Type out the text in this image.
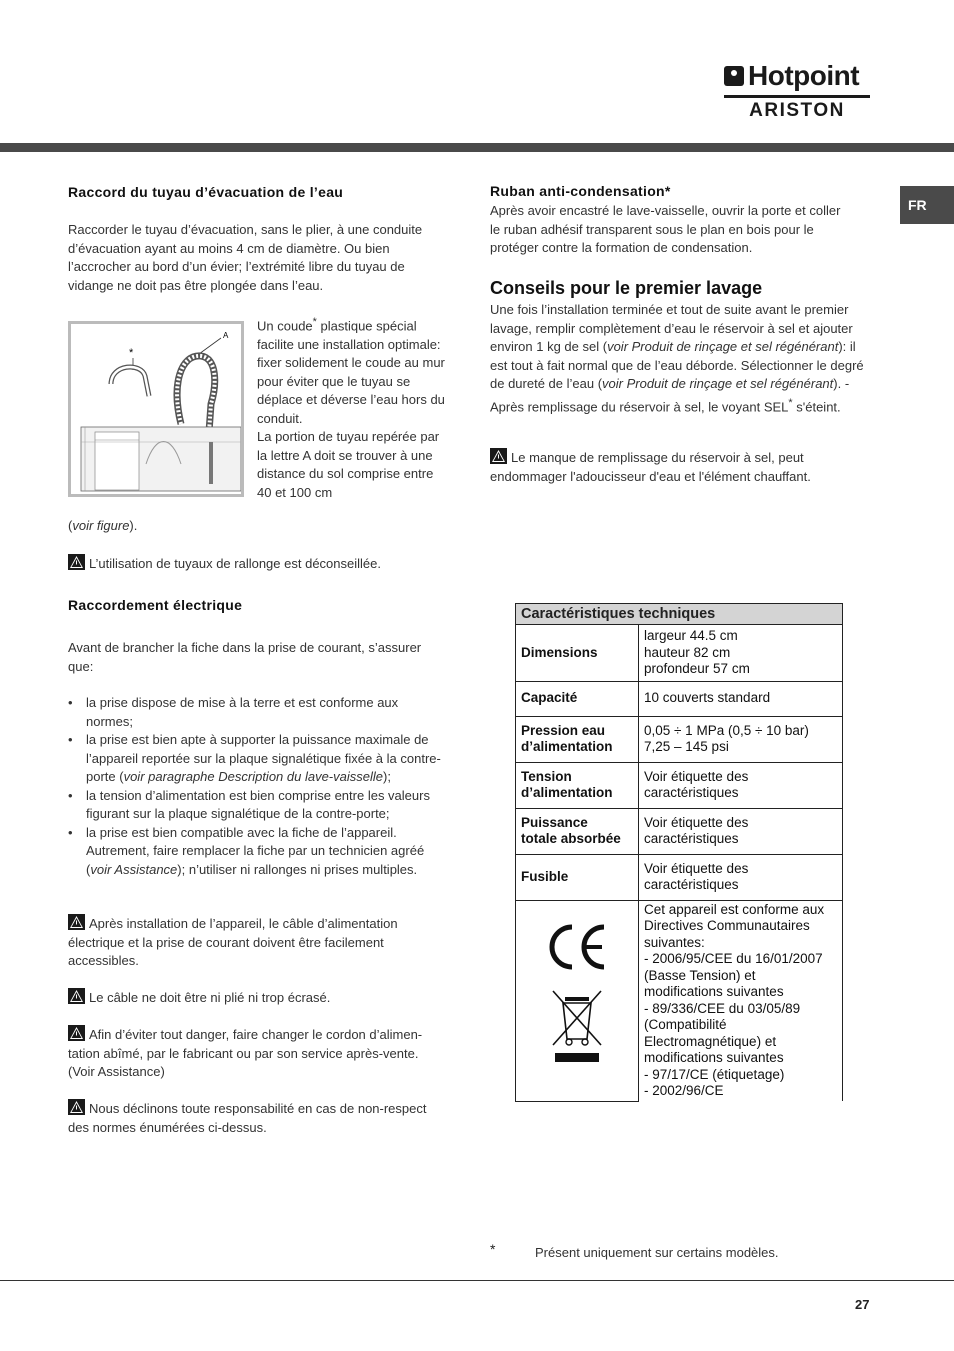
Hotpoint
ARISTON
FR
Raccord du tuyau d’évacuation de l’eau
Raccorder le tuyau d’évacuation, sans le plier, à une conduite d’évacuation ayant au moins 4 cm de diamètre. Ou bien l’accrocher au bord d’un évier; l’extrémité libre du tuyau de vidange ne doit pas être plongée dans l’eau.
A
*
Un coude* plastique spécial facilite une installation optimale: fixer solidement le coude au mur pour éviter que le tuyau se déplace et déverse l’eau hors du conduit.
La portion de tuyau repérée par la lettre A doit se trouver à une distance du sol comprise entre 40 et 100 cm
(voir figure).
L’utilisation de tuyaux de rallonge est déconseillée.
Raccordement électrique
Avant de brancher la fiche dans la prise de courant, s’assurer que:
• la prise dispose de mise à la terre et est conforme aux normes;
• la prise est bien apte à supporter la puissance maximale de l’appareil reportée sur la plaque signalétique fixée à la contre-porte (voir paragraphe Description du lave-vaisselle);
• la tension d’alimentation est bien comprise entre les valeurs figurant sur la plaque signalétique de la contre-porte;
• la prise est bien compatible avec la fiche de l’appareil. Autrement, faire remplacer la fiche par un technicien agréé (voir Assistance); n’utiliser ni rallonges ni prises multiples.
Après installation de l’appareil, le câble d’alimentation électrique et la prise de courant doivent être facilement accessibles.
Le câble ne doit être ni plié ni trop écrasé.
Afin d’éviter tout danger, faire changer le cordon d’alimen-tation abîmé, par le fabricant ou par son service après-vente. (Voir Assistance)
Nous déclinons toute responsabilité en cas de non-respect des normes énumérées ci-dessus.
Ruban anti-condensation*
Après avoir encastré le lave-vaisselle, ouvrir la porte et coller le ruban adhésif transparent sous le plan en bois pour le protéger contre la formation de condensation.
Conseils pour le premier lavage
Une fois l’installation terminée et tout de suite avant le premier lavage, remplir complètement d’eau le réservoir à sel et ajouter environ 1 kg de sel (voir Produit de rinçage et sel régénérant): il est tout à fait normal que de l’eau déborde. Sélectionner le degré de dureté de l’eau (voir Produit de rinçage et sel régénérant). - Après remplissage du réservoir à sel, le voyant SEL* s'éteint.
Le manque de remplissage du réservoir à sel, peut endommager l'adoucisseur d'eau et l'élément chauffant.
Caractéristiques techniques
Dimensions	largeur 44.5 cm
hauteur 82 cm
profondeur 57 cm
Capacité	10 couverts standard
Pression eau
d’alimentation	0,05 ÷ 1 MPa (0,5 ÷ 10 bar)
7,25 – 145 psi
Tension
d’alimentation	Voir étiquette des
caractéristiques
Puissance
totale absorbée	Voir étiquette des
caractéristiques
Fusible	Voir étiquette des
caractéristiques
	Cet appareil est conforme aux Directives Communautaires suivantes:
- 2006/95/CEE du 16/01/2007 (Basse Tension) et modifications suivantes
- 89/336/CEE du 03/05/89 (Compatibilité Electromagnétique) et modifications suivantes
- 97/17/CE (étiquetage)
- 2002/96/CE
*	Présent uniquement sur certains modèles.
27
